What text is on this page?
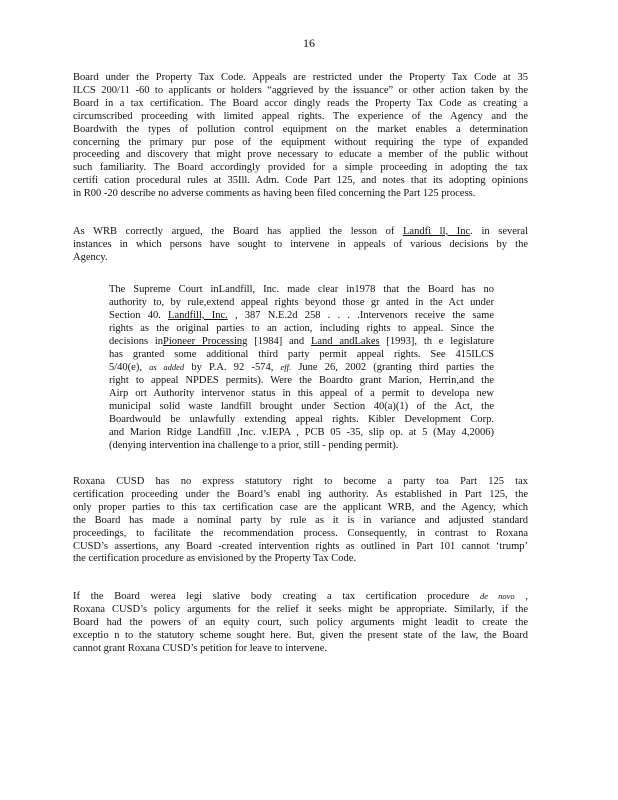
16
Board under the Property Tax Code. Appeals are restricted under the Property Tax Code at 35
ILCS 200/11 -60 to applicants or holders “aggrieved by the issuance” or other action taken by the
Board in a tax certification. The Board accor dingly reads the Property Tax Code as creating a
circumscribed proceeding with limited appeal rights. The experience of the Agency and the
Boardwith the types of pollution control equipment on the market enables a determination
concerning the primary pur pose of the equipment without requiring the type of expanded
proceeding and discovery that might prove necessary to educate a member of the public without
such familiarity. The Board accordingly provided for a simple proceeding in adopting the tax
certifi cation procedural rules at 35Ill. Adm. Code Part 125, and notes that its adopting opinions
in R00 -20 describe no adverse comments as having been filed concerning the Part 125 process.
As WRB correctly argued, the Board has applied the lesson of Landfi ll, Inc. in several
instances in which persons have sought to intervene in appeals of various decisions by the
Agency.
The Supreme Court inLandfill, Inc. made clear in1978 that the Board has no
authority to, by rule,extend appeal rights beyond those gr anted in the Act under
Section 40. Landfill, Inc. , 387 N.E.2d 258 . . . .Intervenors receive the same
rights as the original parties to an action, including rights to appeal. Since the
decisions inPioneer Processing [1984] and Land andLakes [1993], th e legislature
has granted some additional third party permit appeal rights. See 415ILCS
5/40(e), as added by P.A. 92 -574, eff. June 26, 2002 (granting third parties the
right to appeal NPDES permits). Were the Boardto grant Marion, Herrin,and the
Airp ort Authority intervenor status in this appeal of a permit to developa new
municipal solid waste landfill brought under Section 40(a)(1) of the Act, the
Boardwould be unlawfully extending appeal rights. Kibler Development Corp.
and Marion Ridge Landfill ,Inc. v.IEPA , PCB 05 -35, slip op. at 5 (May 4,2006)
(denying intervention ina challenge to a prior, still - pending permit).
Roxana CUSD has no express statutory right to become a party toa Part 125 tax
certification proceeding under the Board’s enabl ing authority. As established in Part 125, the
only proper parties to this tax certification case are the applicant WRB, and the Agency, which
the Board has made a nominal party by rule as it is in variance and adjusted standard
proceedings, to facilitate the recommendation process. Consequently, in contrast to Roxana
CUSD’s assertions, any Board -created intervention rights as outlined in Part 101 cannot ‘trump’
the certification procedure as envisioned by the Property Tax Code.
If the Board werea legi slative body creating a tax certification procedure de novo ,
Roxana CUSD’s policy arguments for the relief it seeks might be appropriate. Similarly, if the
Board had the powers of an equity court, such policy arguments might leadit to create the
exceptio n to the statutory scheme sought here. But, given the present state of the law, the Board
cannot grant Roxana CUSD’s petition for leave to intervene.
